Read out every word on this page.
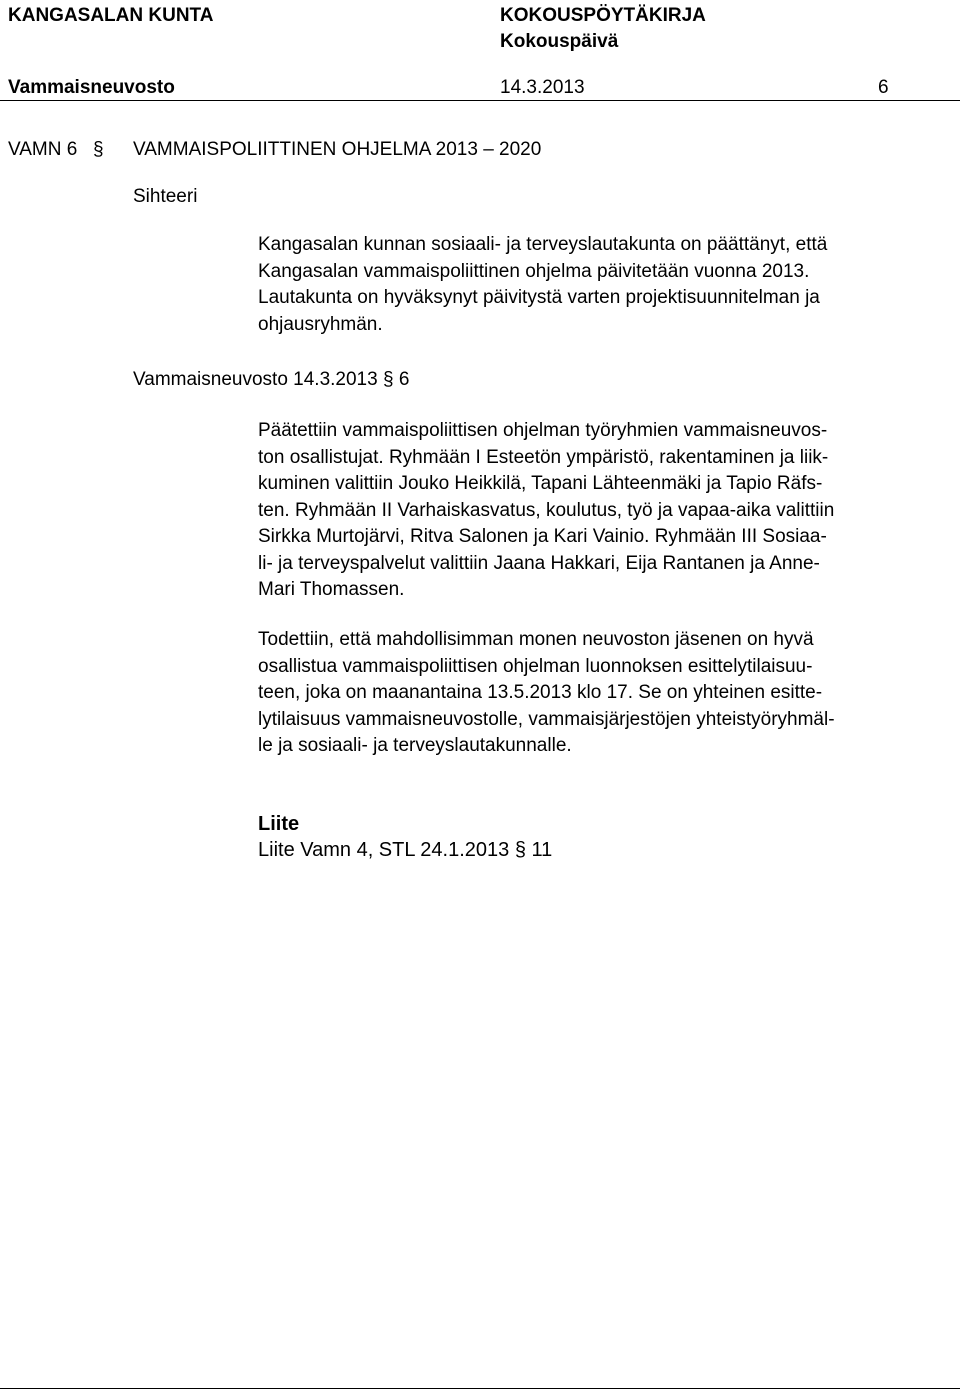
KANGASALAN KUNTA	KOKOUSPÖYTÄKIRJA
Kokouspäivä
Vammaisneuvosto	14.3.2013	6
VAMN 6 § VAMMAISPOLIITTINEN OHJELMA 2013 – 2020
Sihteeri
Kangasalan kunnan sosiaali- ja terveyslautakunta on päättänyt, että
Kangasalan vammaispoliittinen ohjelma päivitetään vuonna 2013.
Lautakunta on hyväksynyt päivitystä varten projektisuunnitelman ja
ohjausryhmän.
Vammaisneuvosto 14.3.2013 § 6
Päätettiin vammaispoliittisen ohjelman työryhmien vammaisneuvos-
ton osallistujat. Ryhmään I Esteetön ympäristö, rakentaminen ja liik-
kuminen valittiin Jouko Heikkilä, Tapani Lähteenmäki ja Tapio Räfs-
ten. Ryhmään II Varhaiskasvatus, koulutus, työ ja vapaa-aika valittiin
Sirkka Murtojärvi, Ritva Salonen ja Kari Vainio. Ryhmään III Sosiaa-
li- ja terveyspalvelut valittiin Jaana Hakkari, Eija Rantanen ja Anne-
Mari Thomassen.
Todettiin, että mahdollisimman monen neuvoston jäsenen on hyvä
osallistua vammaispoliittisen ohjelman luonnoksen esittelytilaisuu-
teen, joka on maanantaina 13.5.2013 klo 17. Se on yhteinen esitte-
lytilaisuus vammaisneuvostolle, vammaisjärjestöjen yhteistyöryhmäl-
le ja sosiaali- ja terveyslautakunnalle.
Liite
Liite Vamn 4, STL 24.1.2013 § 11
